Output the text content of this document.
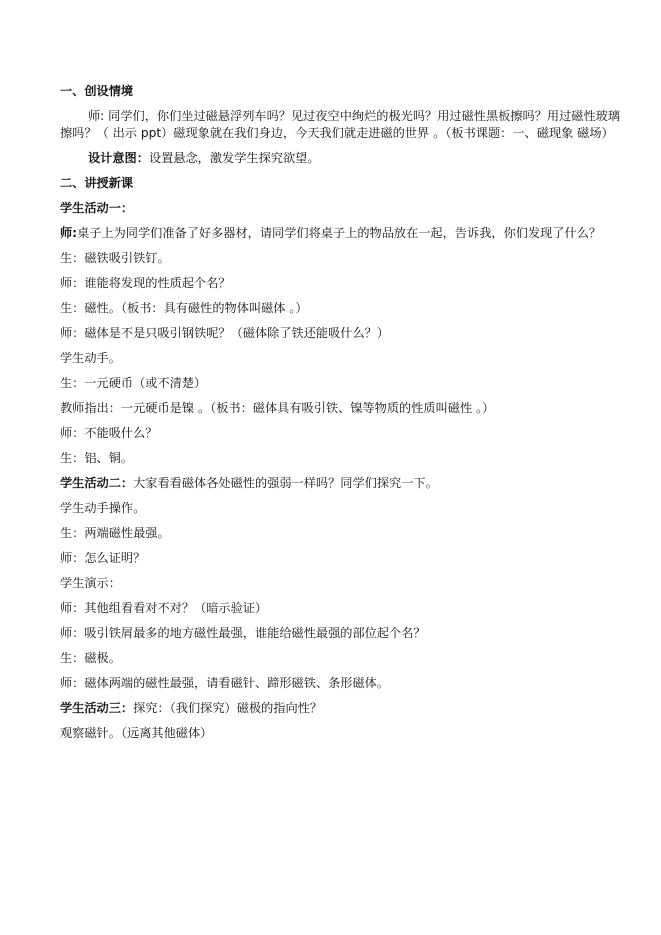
一、创设情境
师: 同学们，你们坐过磁悬浮列车吗？见过夜空中绚烂的极光吗？用过磁性黑板擦吗？用过磁性玻璃擦吗？（ 出示 ppt）磁现象就在我们身边，今天我们就走进磁的世界 。（板书课题：一、磁现象 磁场）
设计意图：设置悬念，激发学生探究欲望。
二、讲授新课
学生活动一：
师:桌子上为同学们准备了好多器材，请同学们将桌子上的物品放在一起，告诉我，你们发现了什么？
生：磁铁吸引铁钉。
师：谁能将发现的性质起个名？
生：磁性。（板书：具有磁性的物体叫磁体 。）
师：磁体是不是只吸引钢铁呢？（磁体除了铁还能吸什么？）
学生动手。
生：一元硬币（或不清楚）
教师指出：一元硬币是镍 。（板书：磁体具有吸引铁、镍等物质的性质叫磁性 。）
师：不能吸什么？
生：铝、铜。
学生活动二：大家看看磁体各处磁性的强弱一样吗？同学们探究一下。
学生动手操作。
生：两端磁性最强。
师：怎么证明？
学生演示：
师：其他组看看对不对？（暗示验证）
师：吸引铁屑最多的地方磁性最强，谁能给磁性最强的部位起个名？
生：磁极。
师：磁体两端的磁性最强，请看磁针、蹄形磁铁、条形磁体。
学生活动三：探究：（我们探究）磁极的指向性？
观察磁针。（远离其他磁体）
